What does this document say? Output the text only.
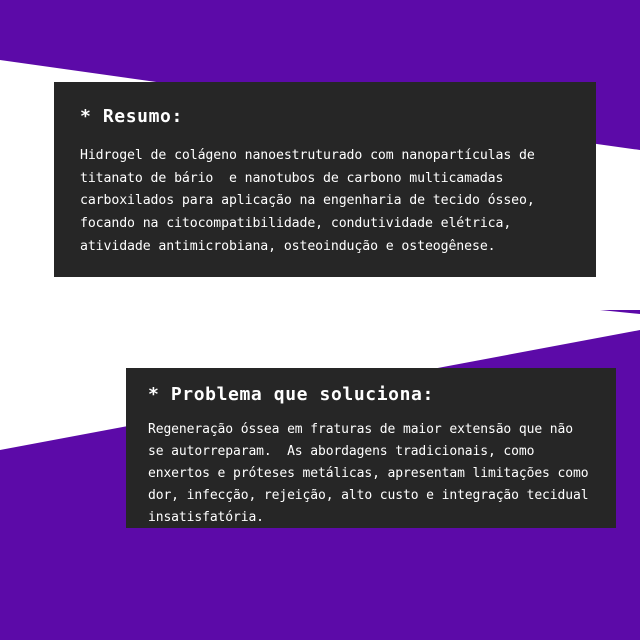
* Resumo:

Hidrogel de colágeno nanoestruturado com nanopartículas de titanato de bário  e nanotubos de carbono multicamadas carboxilados para aplicação na engenharia de tecido ósseo, focando na citocompatibilidade, condutividade elétrica, atividade antimicrobiana, osteoindução e osteogênese.

* Problema que soluciona:

Regeneração óssea em fraturas de maior extensão que não se autorreparam.  As abordagens tradicionais, como enxertos e próteses metálicas, apresentam limitações como dor, infecção, rejeição, alto custo e integração tecidual insatisfatória.
